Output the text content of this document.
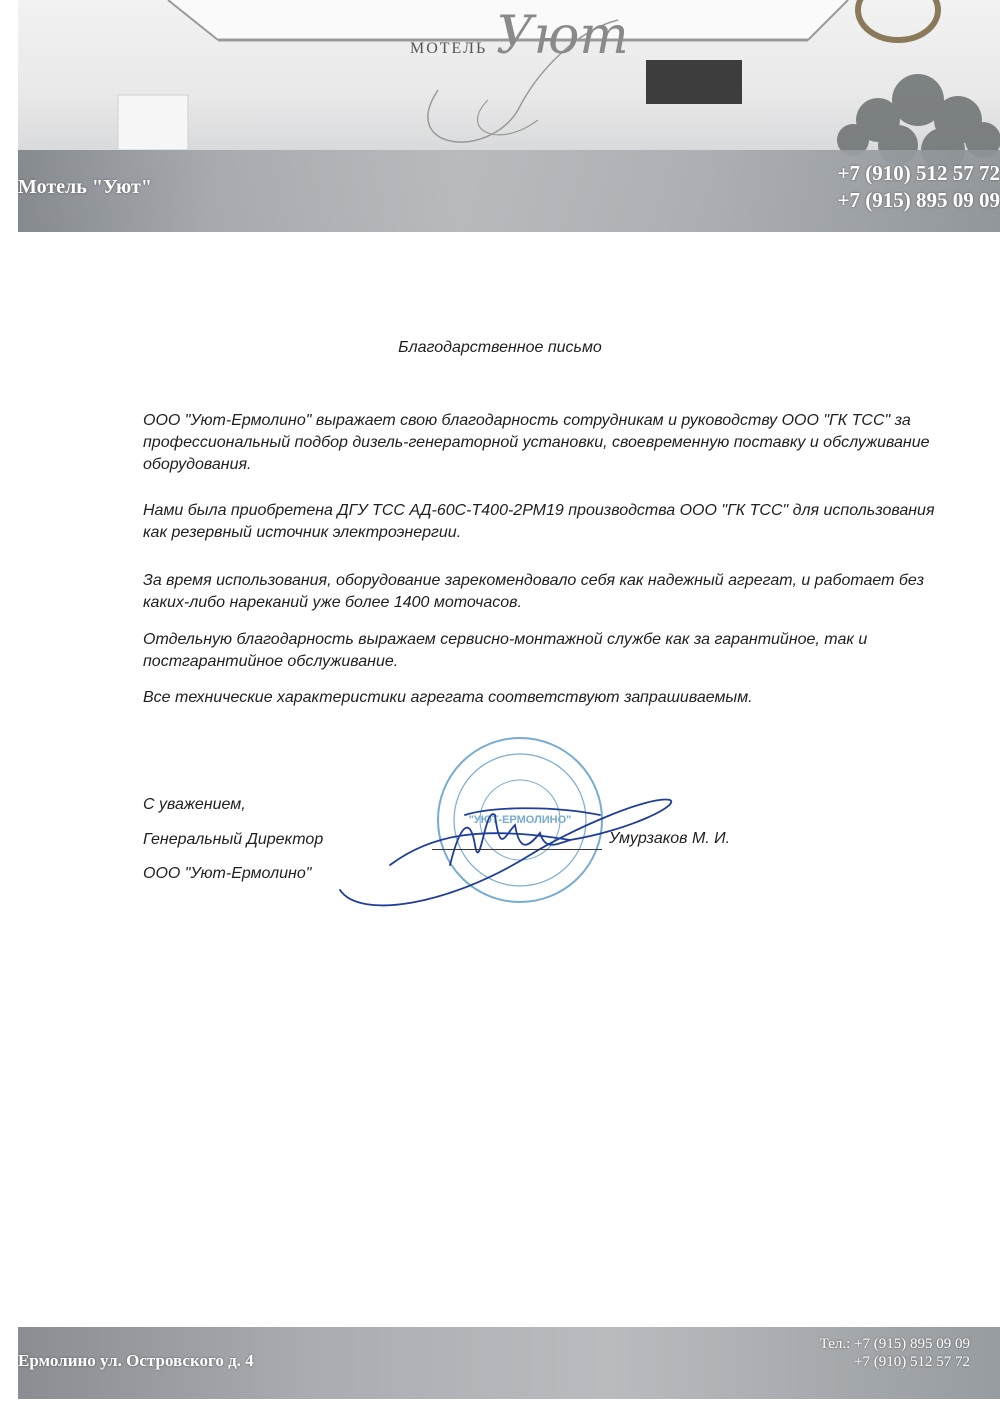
МОТЕЛЬ Уют
Мотель "Уют"
+7 (910) 512 57 72
+7 (915) 895 09 09
Благодарственное письмо

ООО "Уют-Ермолино" выражает свою благодарность сотрудникам и руководству ООО "ГК ТСС" за профессиональный подбор дизель-генераторной установки, своевременную поставку и обслуживание оборудования.

Нами была приобретена ДГУ ТСС АД-60С-Т400-2РМ19 производства ООО "ГК ТСС" для использования как резервный источник электроэнергии.

За время использования, оборудование зарекомендовало себя как надежный агрегат, и работает без каких-либо нареканий уже более 1400 моточасов.

Отдельную благодарность выражаем сервисно-монтажной службе как за гарантийное, так и постгарантийное обслуживание.

Все технические характеристики агрегата соответствуют запрашиваемым.

"УЮТ-ЕРМОЛИНО"
С уважением,
Генеральный Директор
ООО "Уют-Ермолино"
Умурзаков М. И.
Ермолино ул. Островского д. 4
Тел.: +7 (915) 895 09 09
+7 (910) 512 57 72
